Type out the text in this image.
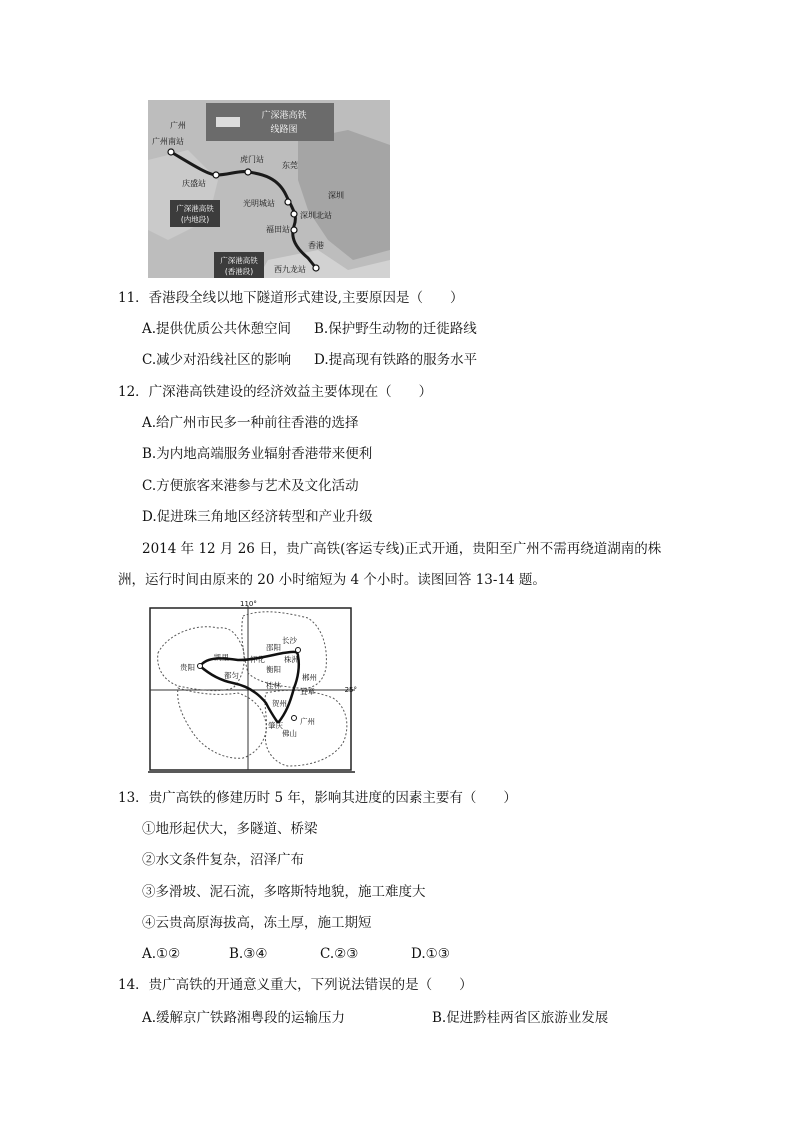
广深港高铁
线路图
广州
广州南站
虎门站
东莞
庆盛站
深圳
光明城站
深圳北站
福田站
香港
西九龙站
广深港高铁
(内地段)
广深港高铁
(香港段)
11．香港段全线以地下隧道形式建设,主要原因是（　　）
A.提供优质公共休憩空间 B.保护野生动物的迁徙路线
C.减少对沿线社区的影响 D.提高现有铁路的服务水平
12．广深港高铁建设的经济效益主要体现在（　　）
A.给广州市民多一种前往香港的选择
B.为内地高端服务业辐射香港带来便利
C.方便旅客来港参与艺术及文化活动
D.促进珠三角地区经济转型和产业升级
2014 年 12 月 26 日，贵广高铁(客运专线)正式开通，贵阳至广州不需再绕道湖南的株
洲，运行时间由原来的 20 小时缩短为 4 个小时。读图回答 13-14 题。
110°
25°
长沙
邵阳
凯里	怀化	株洲
衡阳
贵阳
都匀	郴州
桂林
宜章
贺州
广州
肇庆
佛山
13．贵广高铁的修建历时 5 年，影响其进度的因素主要有（　　）
①地形起伏大，多隧道、桥梁
②水文条件复杂，沼泽广布
③多滑坡、泥石流，多喀斯特地貌，施工难度大
④云贵高原海拔高，冻土厚，施工期短
A.①②	B.③④	C.②③	D.①③
14．贵广高铁的开通意义重大，下列说法错误的是（　　）
A.缓解京广铁路湘粤段的运输压力	B.促进黔桂两省区旅游业发展
